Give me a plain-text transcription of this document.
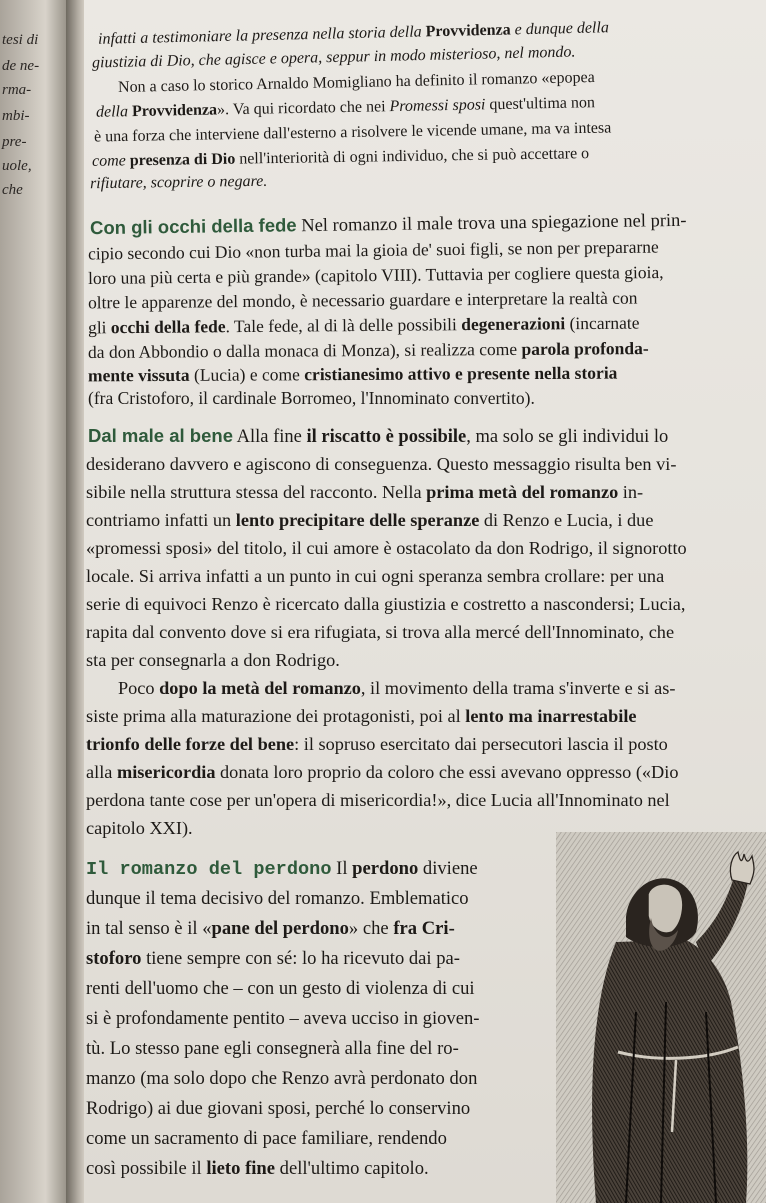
tesi di
de ne-
rma-
mbi-
pre-
uole,
che
infatti a testimoniare la presenza nella storia della Provvidenza e dunque della
giustizia di Dio, che agisce e opera, seppur in modo misterioso, nel mondo.
Non a caso lo storico Arnaldo Momigliano ha definito il romanzo «epopea
della Provvidenza». Va qui ricordato che nei Promessi sposi quest'ultima non
è una forza che interviene dall'esterno a risolvere le vicende umane, ma va intesa
come presenza di Dio nell'interiorità di ogni individuo, che si può accettare o
rifiutare, scoprire o negare.
Con gli occhi della fede Nel romanzo il male trova una spiegazione nel prin-
cipio secondo cui Dio «non turba mai la gioia de' suoi figli, se non per prepararne
loro una più certa e più grande» (capitolo VIII). Tuttavia per cogliere questa gioia,
oltre le apparenze del mondo, è necessario guardare e interpretare la realtà con
gli occhi della fede. Tale fede, al di là delle possibili degenerazioni (incarnate
da don Abbondio o dalla monaca di Monza), si realizza come parola profonda-
mente vissuta (Lucia) e come cristianesimo attivo e presente nella storia
(fra Cristoforo, il cardinale Borromeo, l'Innominato convertito).
Dal male al bene Alla fine il riscatto è possibile, ma solo se gli individui lo
desiderano davvero e agiscono di conseguenza. Questo messaggio risulta ben vi-
sibile nella struttura stessa del racconto. Nella prima metà del romanzo in-
contriamo infatti un lento precipitare delle speranze di Renzo e Lucia, i due
«promessi sposi» del titolo, il cui amore è ostacolato da don Rodrigo, il signorotto
locale. Si arriva infatti a un punto in cui ogni speranza sembra crollare: per una
serie di equivoci Renzo è ricercato dalla giustizia e costretto a nascondersi; Lucia,
rapita dal convento dove si era rifugiata, si trova alla mercé dell'Innominato, che
sta per consegnarla a don Rodrigo.
Poco dopo la metà del romanzo, il movimento della trama s'inverte e si as-
siste prima alla maturazione dei protagonisti, poi al lento ma inarrestabile
trionfo delle forze del bene: il sopruso esercitato dai persecutori lascia il posto
alla misericordia donata loro proprio da coloro che essi avevano oppresso («Dio
perdona tante cose per un'opera di misericordia!», dice Lucia all'Innominato nel
capitolo XXI).
Il romanzo del perdono Il perdono diviene
dunque il tema decisivo del romanzo. Emblematico
in tal senso è il «pane del perdono» che fra Cri-
stoforo tiene sempre con sé: lo ha ricevuto dai pa-
renti dell'uomo che – con un gesto di violenza di cui
si è profondamente pentito – aveva ucciso in gioven-
tù. Lo stesso pane egli consegnerà alla fine del ro-
manzo (ma solo dopo che Renzo avrà perdonato don
Rodrigo) ai due giovani sposi, perché lo conservino
come un sacramento di pace familiare, rendendo
così possibile il lieto fine dell'ultimo capitolo.
